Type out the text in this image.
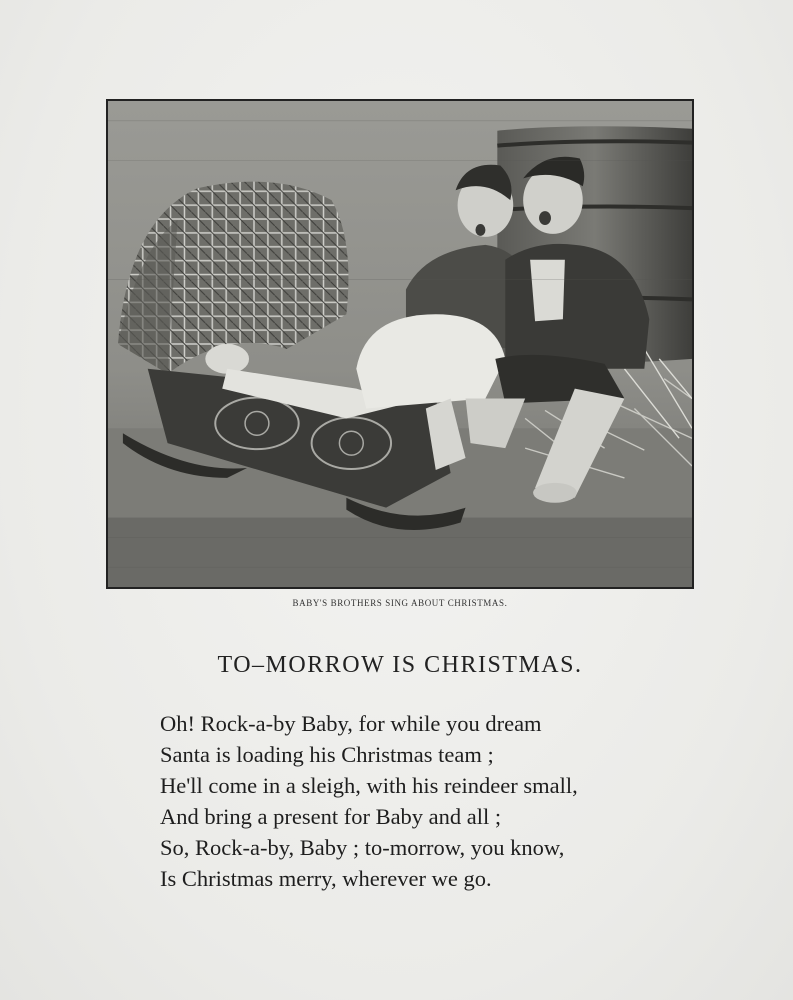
BABY'S BROTHERS SING ABOUT CHRISTMAS.
TO–MORROW IS CHRISTMAS.
Oh! Rock-a-by Baby, for while you dream
Santa is loading his Christmas team ;
He'll come in a sleigh, with his reindeer small,
And bring a present for Baby and all ;
So, Rock-a-by, Baby ; to-morrow, you know,
Is Christmas merry, wherever we go.
